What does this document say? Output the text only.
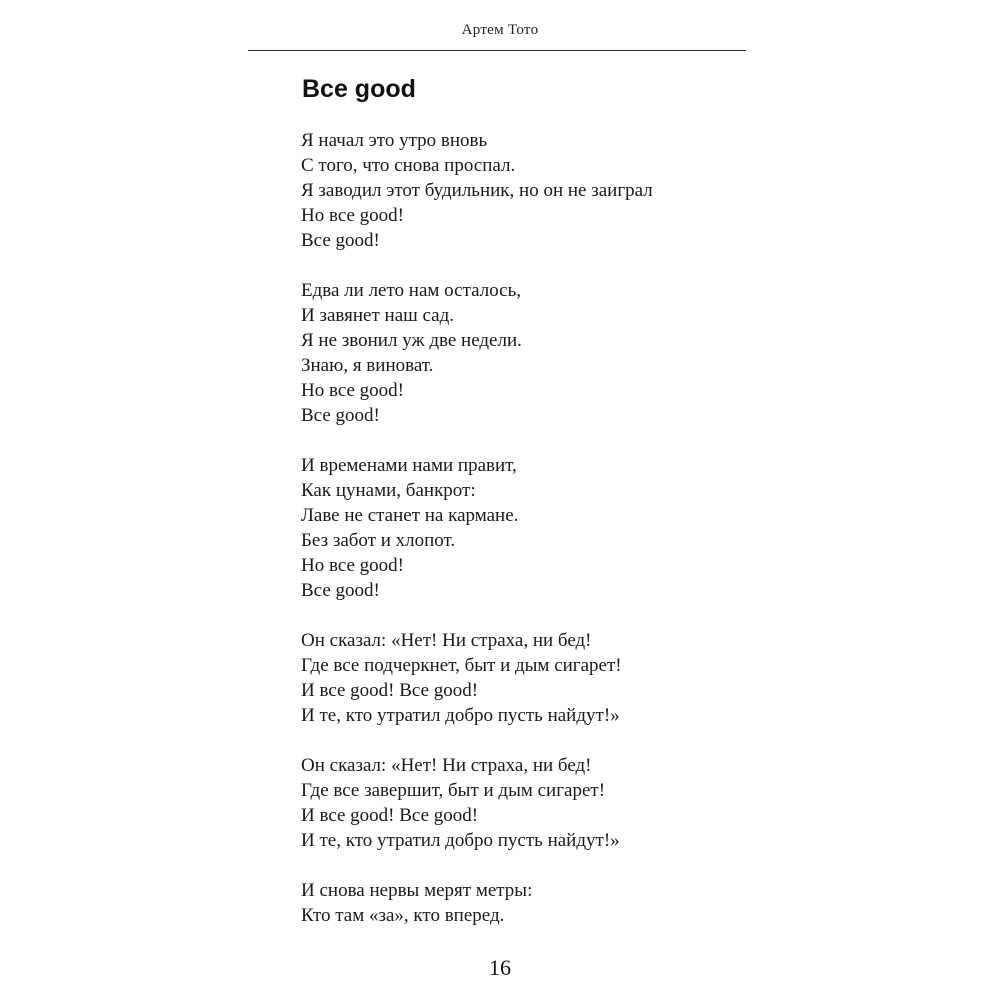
Артем Тото
Все good
Я начал это утро вновь
С того, что снова проспал.
Я заводил этот будильник, но он не заиграл
Но все good!
Все good!
Едва ли лето нам осталось,
И завянет наш сад.
Я не звонил уж две недели.
Знаю, я виноват.
Но все good!
Все good!
И временами нами правит,
Как цунами, банкрот:
Лаве не станет на кармане.
Без забот и хлопот.
Но все good!
Все good!
Он сказал: «Нет! Ни страха, ни бед!
Где все подчеркнет, быт и дым сигарет!
И все good! Все good!
И те, кто утратил добро пусть найдут!»
Он сказал: «Нет! Ни страха, ни бед!
Где все завершит, быт и дым сигарет!
И все good! Все good!
И те, кто утратил добро пусть найдут!»
И снова нервы мерят метры:
Кто там «за», кто вперед.
16
